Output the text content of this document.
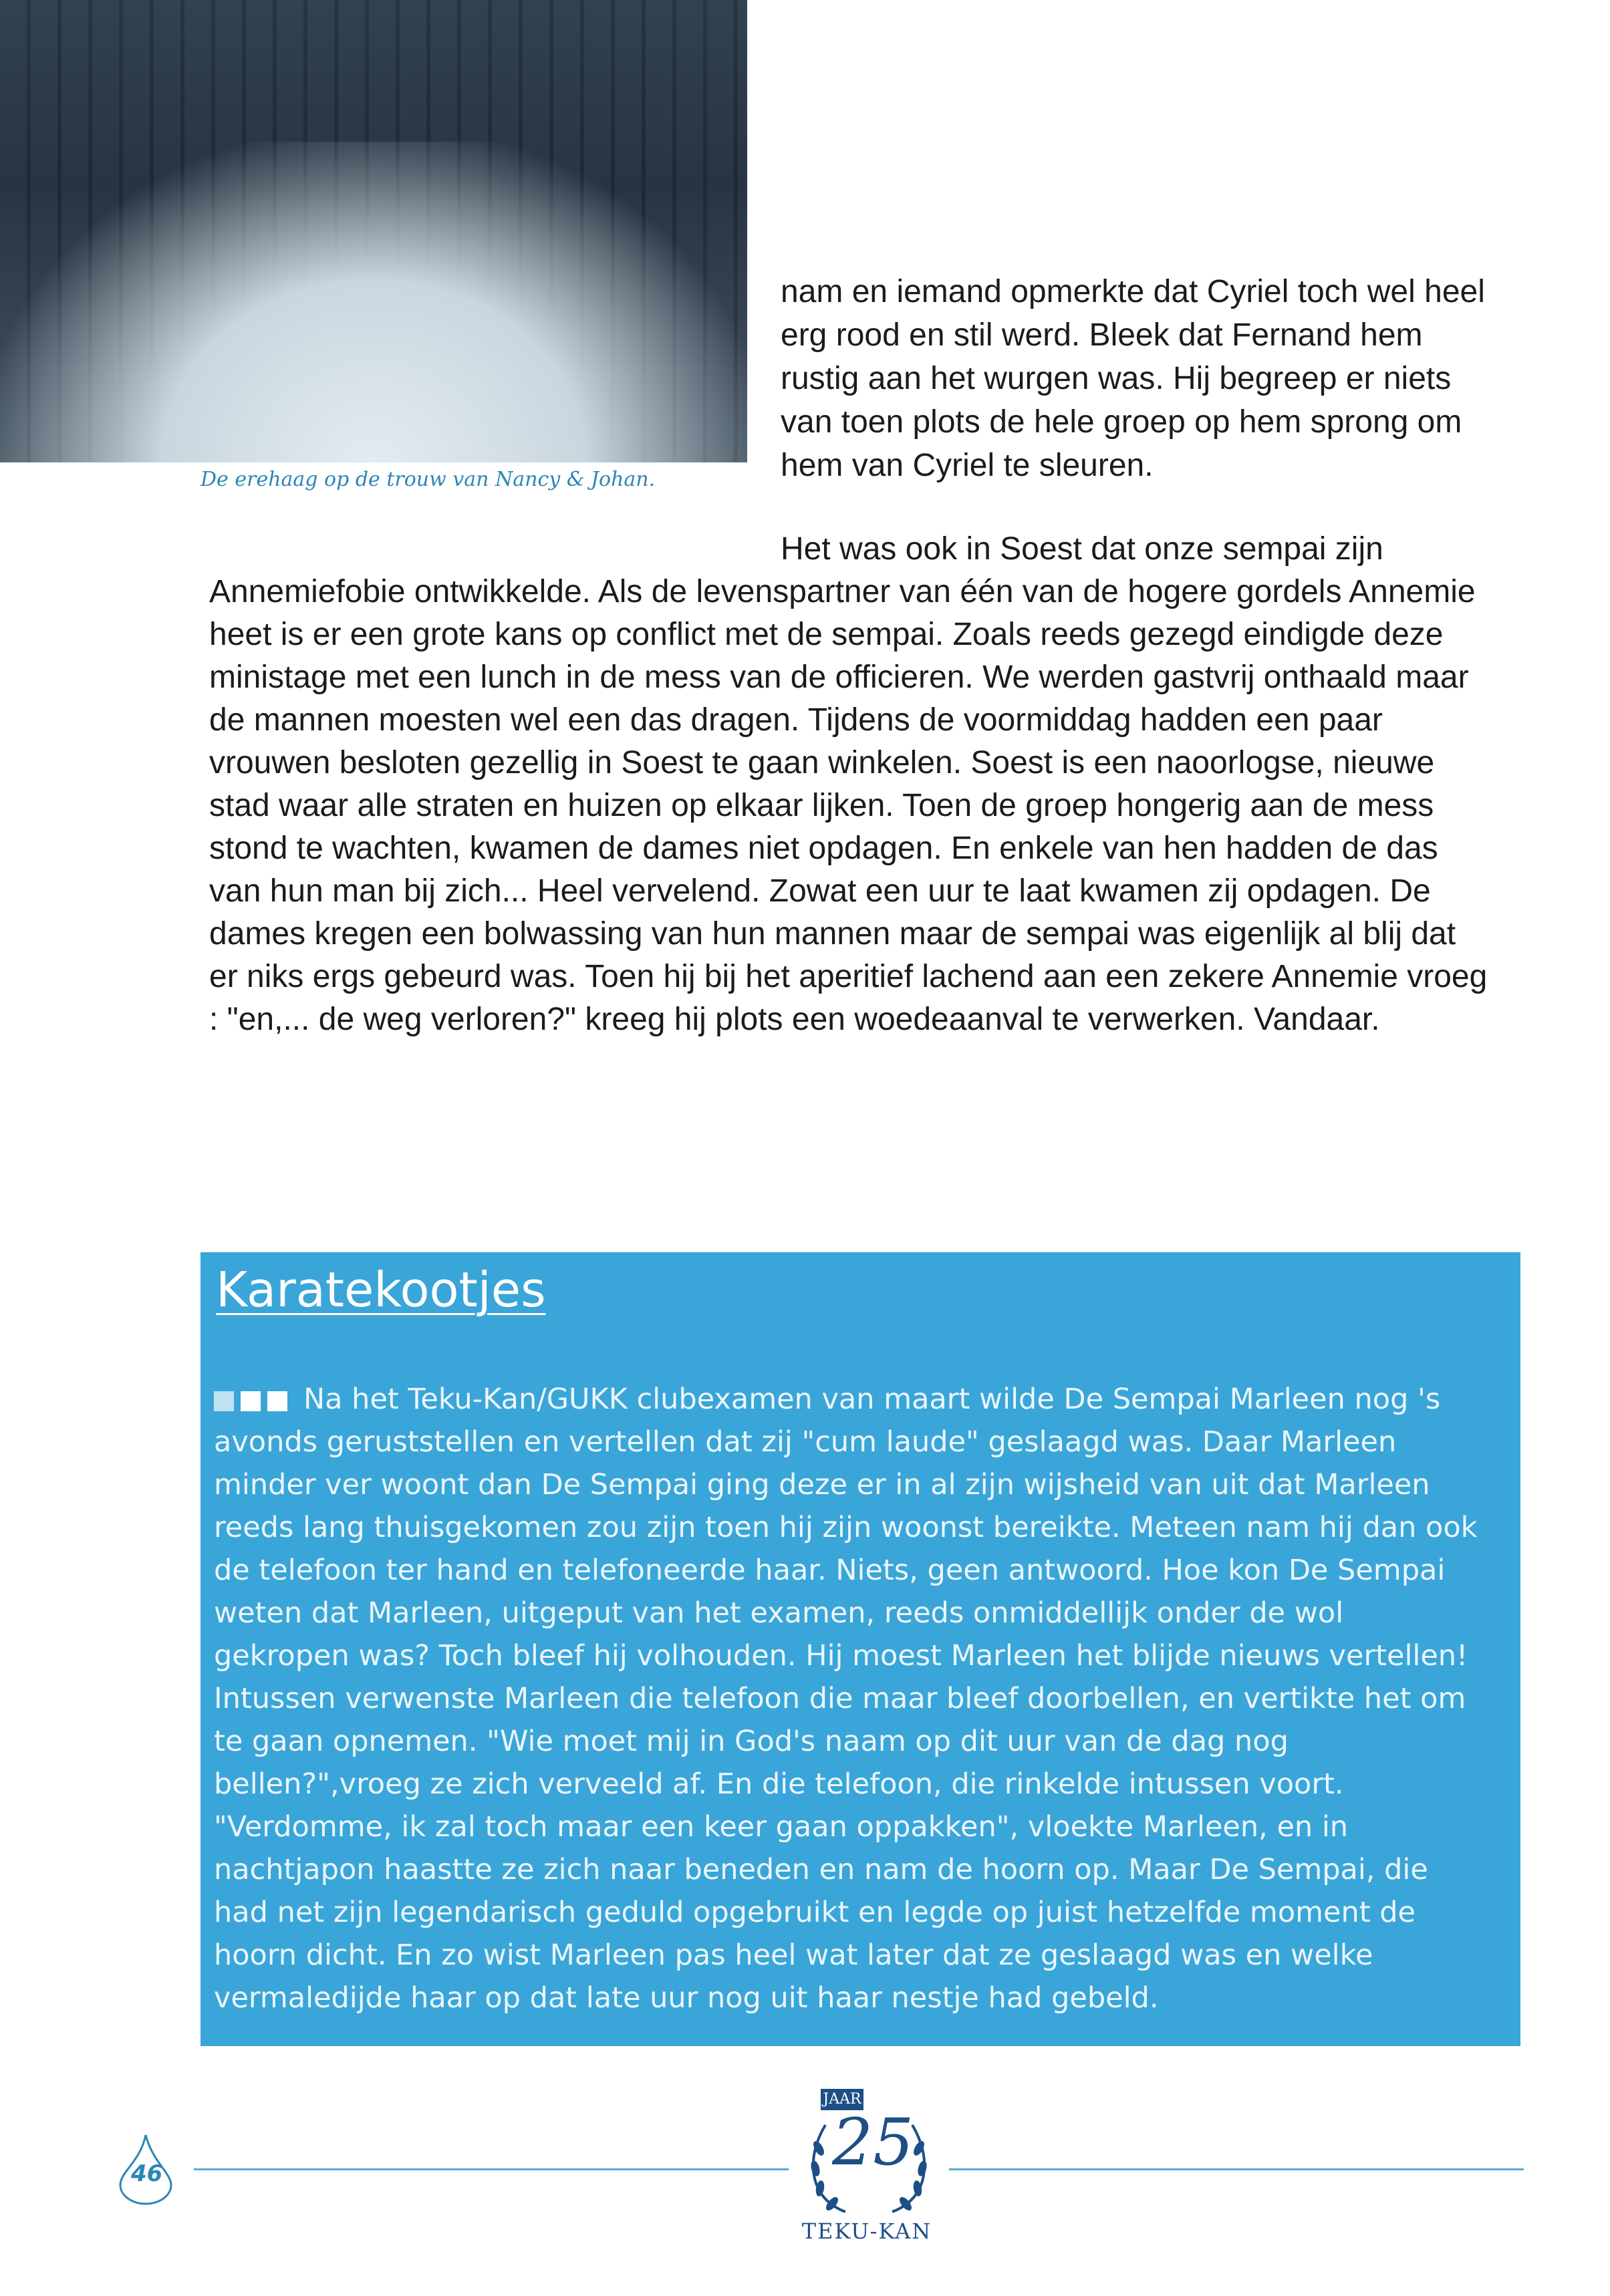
De erehaag op de trouw van Nancy & Johan.
nam en iemand opmerkte dat Cyriel toch wel heel erg rood en stil werd. Bleek dat Fernand hem rustig aan het wurgen was. Hij begreep er niets van toen plots de hele groep op hem sprong om hem van Cyriel te sleuren.
Het was ook in Soest dat onze sempai zijn Annemiefobie ontwikkelde. Als de levenspartner van één van de hogere gordels Annemie heet is er een grote kans op conflict met de sempai. Zoals reeds gezegd eindigde deze ministage met een lunch in de mess van de officieren. We werden gastvrij onthaald maar de mannen moesten wel een das dragen. Tijdens de voormiddag hadden een paar vrouwen besloten gezellig in Soest te gaan winkelen. Soest is een naoorlogse, nieuwe stad waar alle straten en huizen op elkaar lijken. Toen de groep hongerig aan de mess stond te wachten, kwamen de dames niet opdagen. En enkele van hen hadden de das van hun man bij zich... Heel vervelend. Zowat een uur te laat kwamen zij opdagen. De dames kregen een bolwassing van hun mannen maar de sempai was eigenlijk al blij dat er niks ergs gebeurd was. Toen hij bij het aperitief lachend aan een zekere Annemie vroeg : "en,... de weg verloren?" kreeg hij plots een woedeaanval te verwerken. Vandaar.
Karatekootjes
Na het Teku-Kan/GUKK clubexamen van maart wilde De Sempai Marleen nog 's avonds geruststellen en vertellen dat zij "cum laude" geslaagd was. Daar Marleen minder ver woont dan De Sempai ging deze er in al zijn wijsheid van uit dat Marleen reeds lang thuisgekomen zou zijn toen hij zijn woonst bereikte. Meteen nam hij dan ook de telefoon ter hand en telefoneerde haar. Niets, geen antwoord. Hoe kon De Sempai weten dat Marleen, uitgeput van het examen, reeds onmiddellijk onder de wol gekropen was? Toch bleef hij volhouden. Hij moest Marleen het blijde nieuws vertellen! Intussen verwenste Marleen die telefoon die maar bleef doorbellen, en vertikte het om te gaan opnemen. "Wie moet mij in God's naam op dit uur van de dag nog bellen?",vroeg ze zich verveeld af. En die telefoon, die rinkelde intussen voort. "Verdomme, ik zal toch maar een keer gaan oppakken", vloekte Marleen, en in nachtjapon haastte ze zich naar beneden en nam de hoorn op. Maar De Sempai, die had net zijn legendarisch geduld opgebruikt en legde op juist hetzelfde moment de hoorn dicht. En zo wist Marleen pas heel wat later dat ze geslaagd was en welke vermaledijde haar op dat late uur nog uit haar nestje had gebeld.
46
JAAR
25
TEKU-KAN
